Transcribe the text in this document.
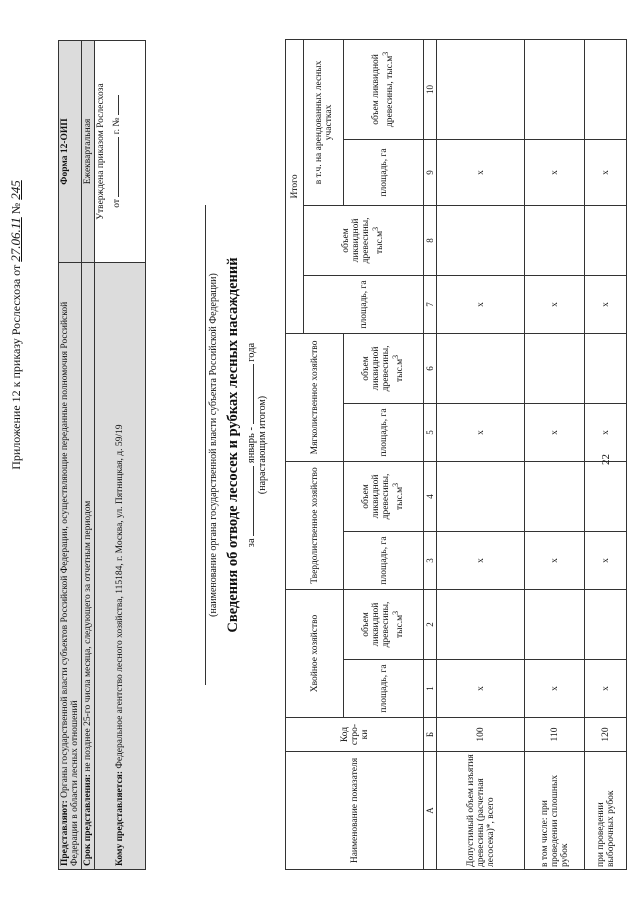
Приложение 12 к приказу Рослесхоза от 27.06.11 № 245
Представляют: Органы государственной власти субъектов Российской Федерации, осуществляющие переданные полномочия Российской Федерации в области лесных отношений	Форма 12-ОИП
Срок представления: не позднее 25-го числа месяца, следующего за отчетным периодом	Ежеквартальная
Кому представляется: Федеральное агентство лесного хозяйства, 115184, г. Москва, ул. Пятницкая, д. 59/19	Утверждена приказом Рослесхоза от  г. №
(наименование органа государственной власти субъекта Российской Федерации) Сведения об отводе лесосек и рубках лесных насаждений за  январь -  года
(нарастающим итогом)
Наименование показателя	Код стро-ки	Хвойное хозяйство		Твердолиственное хозяйство		Мягколиственное хозяйство		Итого			
								площадь, га	объем ликвидной древесины, $тыс.м^3$	в т.ч. на арендованных лесных участках	
		площадь, га	объем ликвидной древесины, $тыс.м^3$	площадь, га	объем ликвидной древесины, $тыс.м^3$	площадь, га	объем ликвидной древесины, $тыс.м^3$			площадь, га	объем ликвидной древесины, $тыс.м^3$
А	Б	1	2	3	4	5	6	7	8	9	10
Допустимый объем изъятия древесины (расчетная лесосека)*, всего	100	x		x		x		x		x	
в том числе: при проведении сплошных рубок	110	x		x		x		x		x	
при проведении выборочных рубок	120	x		x		x		x		x	
22
